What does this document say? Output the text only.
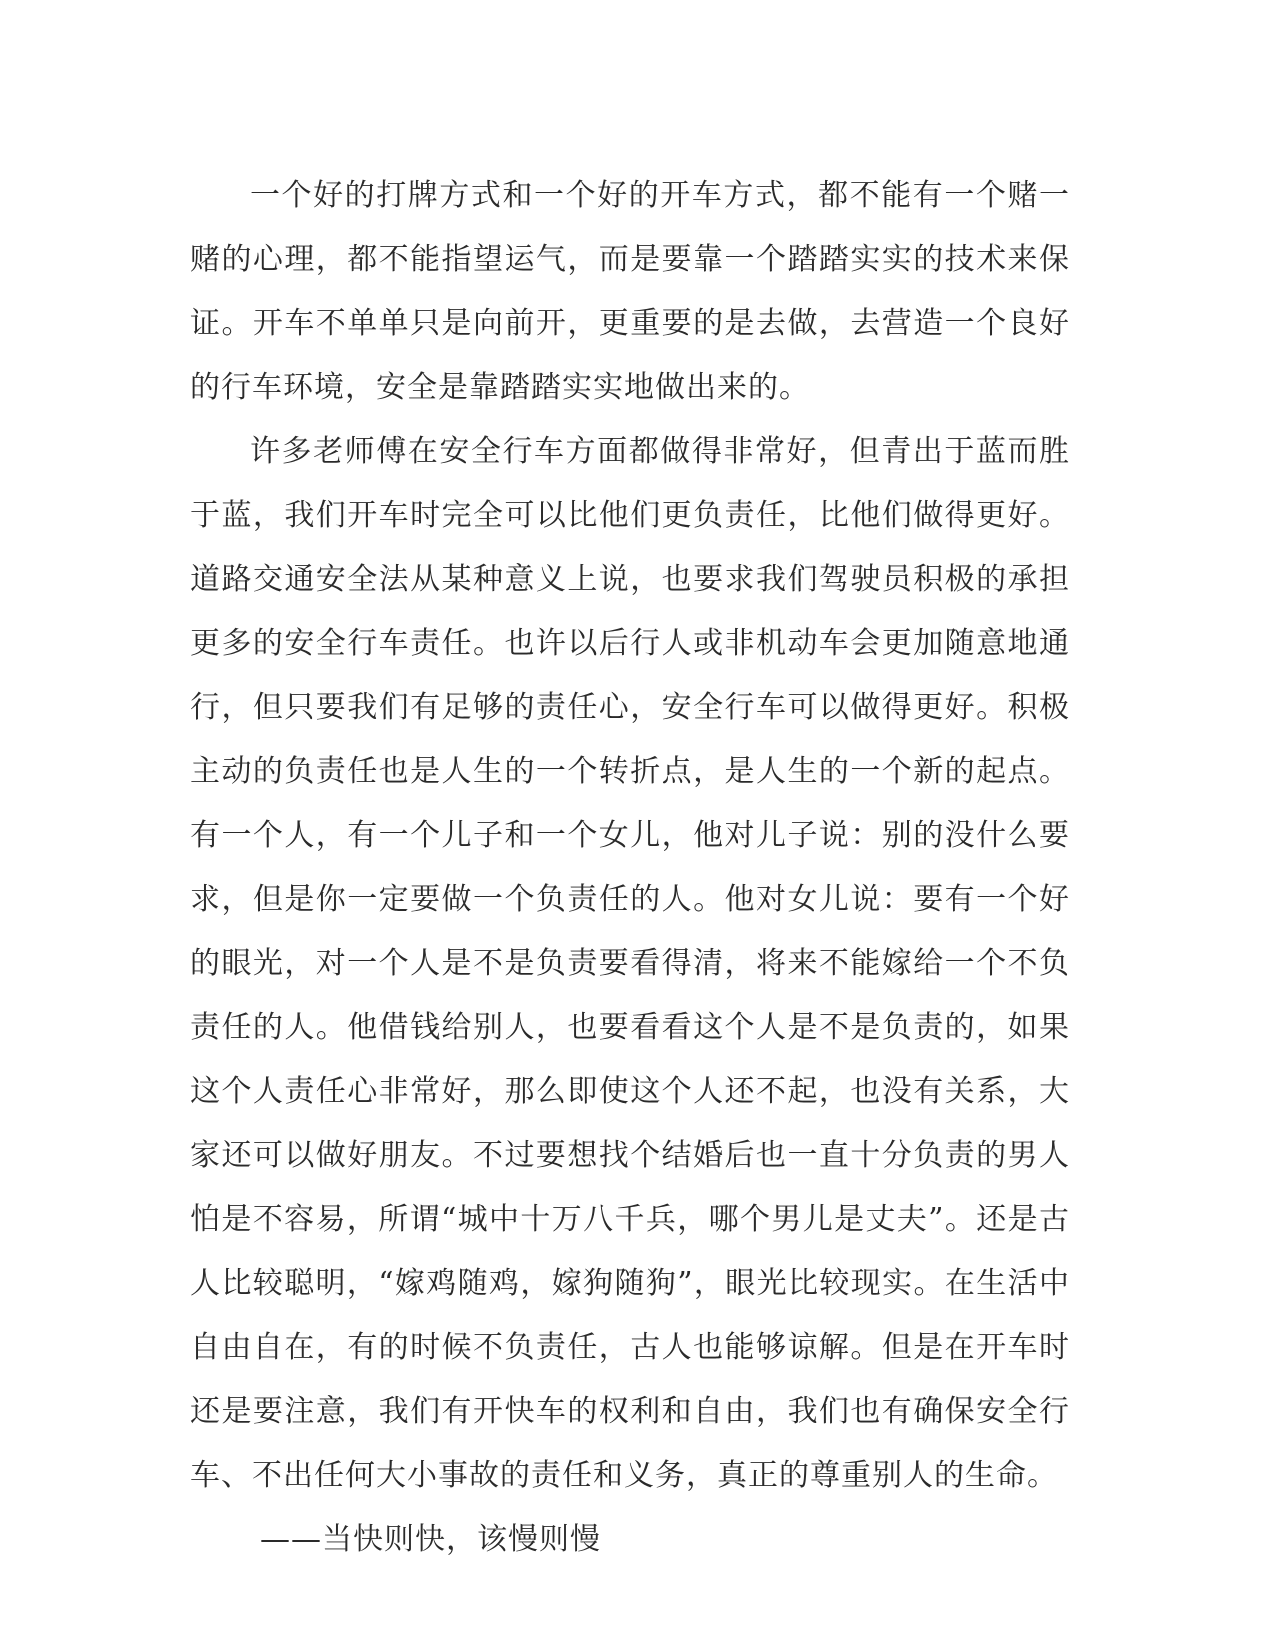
一个好的打牌方式和一个好的开车方式，都不能有一个赌一赌的心理，都不能指望运气，而是要靠一个踏踏实实的技术来保证。开车不单单只是向前开，更重要的是去做，去营造一个良好的行车环境，安全是靠踏踏实实地做出来的。

许多老师傅在安全行车方面都做得非常好，但青出于蓝而胜于蓝，我们开车时完全可以比他们更负责任，比他们做得更好。道路交通安全法从某种意义上说，也要求我们驾驶员积极的承担更多的安全行车责任。也许以后行人或非机动车会更加随意地通行，但只要我们有足够的责任心，安全行车可以做得更好。积极主动的负责任也是人生的一个转折点，是人生的一个新的起点。有一个人，有一个儿子和一个女儿，他对儿子说：别的没什么要求，但是你一定要做一个负责任的人。他对女儿说：要有一个好的眼光，对一个人是不是负责要看得清，将来不能嫁给一个不负责任的人。他借钱给别人，也要看看这个人是不是负责的，如果这个人责任心非常好，那么即使这个人还不起，也没有关系，大家还可以做好朋友。不过要想找个结婚后也一直十分负责的男人怕是不容易，所谓“城中十万八千兵，哪个男儿是丈夫”。还是古人比较聪明，“嫁鸡随鸡，嫁狗随狗”，眼光比较现实。在生活中自由自在，有的时候不负责任，古人也能够谅解。但是在开车时还是要注意，我们有开快车的权利和自由，我们也有确保安全行车、不出任何大小事故的责任和义务，真正的尊重别人的生命。

——当快则快，该慢则慢
